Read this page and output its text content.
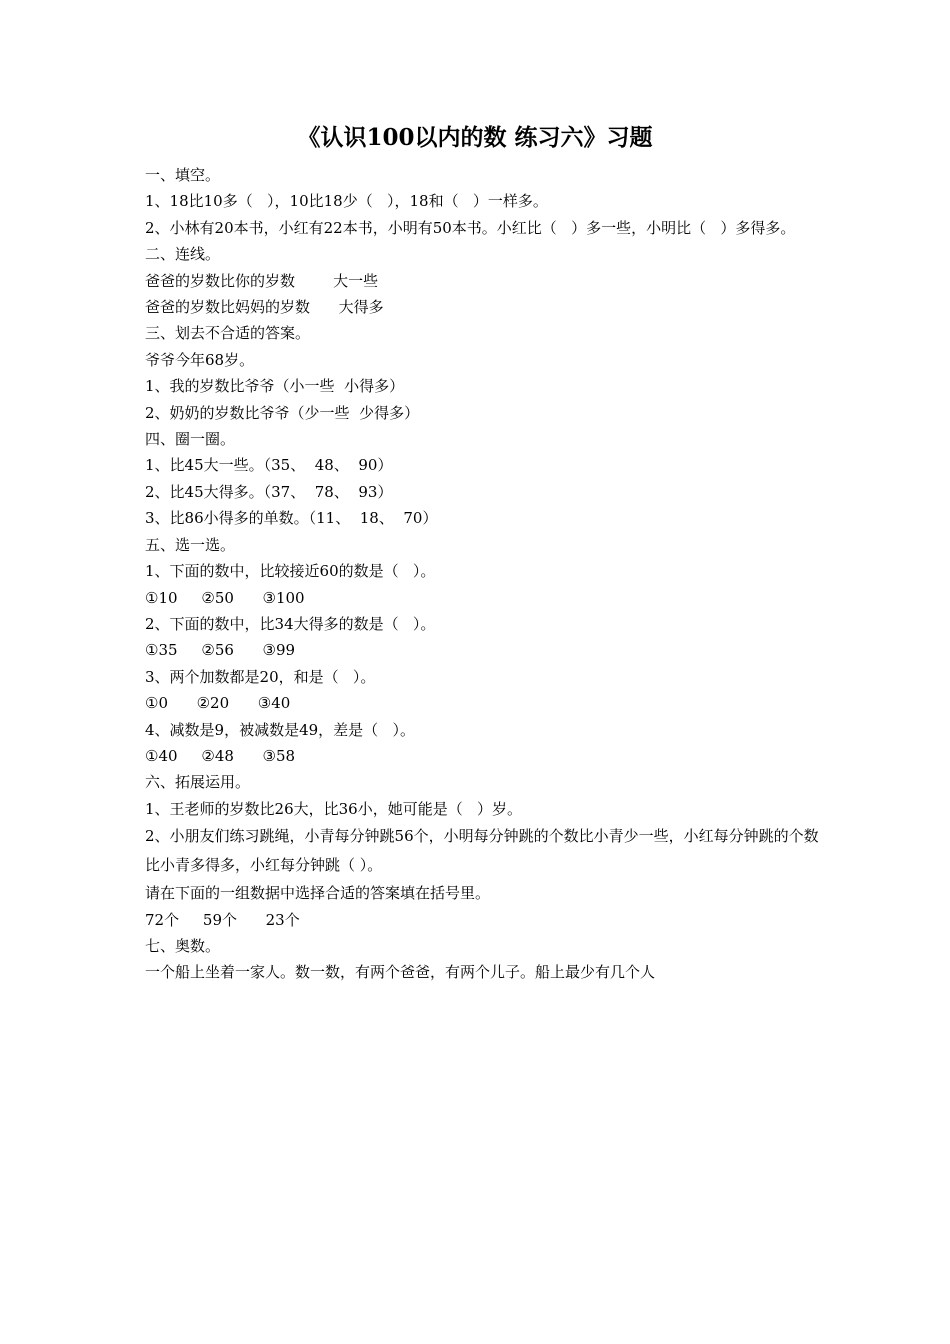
《认识100以内的数 练习六》习题
一、填空。
1、18比10多（   ），10比18少（   ），18和（   ）一样多。
2、小林有20本书，小红有22本书，小明有50本书。小红比（   ）多一些，小明比（   ）多得多。
二、连线。
爸爸的岁数比你的岁数        大一些
爸爸的岁数比妈妈的岁数      大得多
三、划去不合适的答案。
爷爷今年68岁。
1、我的岁数比爷爷（小一些  小得多）
2、奶奶的岁数比爷爷（少一些  少得多）
四、圈一圈。
1、比45大一些。（35、  48、  90）
2、比45大得多。（37、  78、  93）
3、比86小得多的单数。（11、  18、  70）
五、选一选。
1、下面的数中，比较接近60的数是（   ）。
①10     ②50      ③100
2、下面的数中，比34大得多的数是（   ）。
①35     ②56      ③99
3、两个加数都是20，和是（   ）。
①0      ②20      ③40
4、减数是9，被减数是49，差是（   ）。
①40     ②48      ③58
六、拓展运用。
1、王老师的岁数比26大，比36小，她可能是（   ）岁。
2、小朋友们练习跳绳，小青每分钟跳56个，小明每分钟跳的个数比小青少一些，小红每分钟跳的个数比小青多得多，小红每分钟跳（ ）。
请在下面的一组数据中选择合适的答案填在括号里。
72个     59个      23个
七、奥数。
一个船上坐着一家人。数一数，有两个爸爸，有两个儿子。船上最少有几个人
